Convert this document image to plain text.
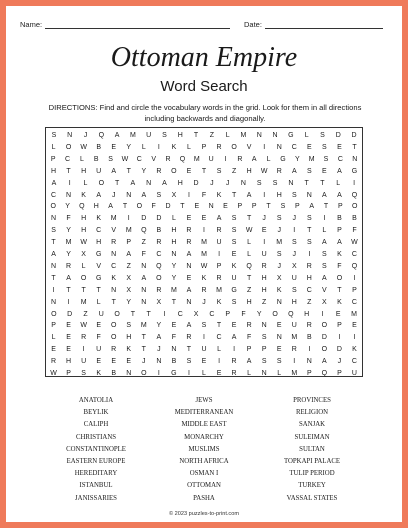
Name:	Date:
Ottoman Empire
Word Search
DIRECTIONS: Find and circle the vocabulary words in the grid. Look for them in all directions including backwards and diagonally.
S	N	J	Q	A	M	U	S	H	T	Z	L	M	N	N	G	L	S	D	D
L	O	W	B	E	Y	L	I	K	L	P	R	O	V	I	N	C	E	S	E	T
P	C	L	B	S	W	C	V	R	Q	M	U	I	R	A	L	G	Y	M	S	C	N
H	T	H	U	A	T	Y	R	O	E	T	S	Z	H	W	R	A	S	E	A	G
A	I	L	O	T	A	N	A	H	D	J	J	N	S	S	N	T	T	L	I
C	N	K	A	J	N	A	S	X	I	F	K	T	A	I	H	S	N	A	A	Q
O	Y	Q	H	A	T	O	F	D	T	E	N	E	P	P	T	S	P	A	T	P	O
N	F	H	K	M	I	D	D	L	E	E	A	S	T	J	S	J	S	I	B	B
S	Y	H	C	V	M	Q	B	H	R	I	R	S	W	E	J	I	T	L	P	F
T	M	W	H	R	P	Z	R	H	R	M	U	S	L	I	M	S	S	A	A	W
A	Y	X	G	N	A	F	C	N	A	M	I	E	L	U	S	J	I	S	K	C
N	R	L	V	C	Z	N	Q	Y	N	W	P	K	Q	R	J	X	R	S	F	Q
T	A	O	G	K	X	A	O	Y	E	K	R	U	T	H	X	U	H	A	O	I
I	T	T	T	N	X	N	R	M	A	R	M	G	Z	H	K	S	C	V	T	P
N	I	M	L	T	Y	N	X	T	N	J	K	S	H	Z	N	H	Z	X	K	C
O	D	Z	U	O	T	T	I	C	X	C	P	F	Y	O	Q	H	I	E	M
P	E	W	E	O	S	M	Y	E	A	S	T	E	R	N	E	U	R	O	P	E
L	E	R	F	O	H	T	A	F	R	I	C	A	F	S	N	M	B	D	I	I
E	E	I	U	R	K	T	J	N	T	U	L	I	P	P	E	R	I	O	D	K
R	H	U	E	E	E	J	N	B	S	E	I	R	A	S	S	I	N	A	J	C
W	P	S	K	B	N	O	I	G	I	L	E	R	L	N	L	M	P	Q	P	U
ANATOLIA
BEYLIK
CALIPH
CHRISTIANS
CONSTANTINOPLE
EASTERN EUROPE
HEREDITARY
ISTANBUL
JANISSARIES
JEWS
MEDITERRANEAN
MIDDLE EAST
MONARCHY
MUSLIMS
NORTH AFRICA
OSMAN I
OTTOMAN
PASHA
PROVINCES
RELIGION
SANJAK
SULEIMAN
SULTAN
TOPKAPI PALACE
TULIP PERIOD
TURKEY
VASSAL STATES
© 2023 puzzles-to-print.com
